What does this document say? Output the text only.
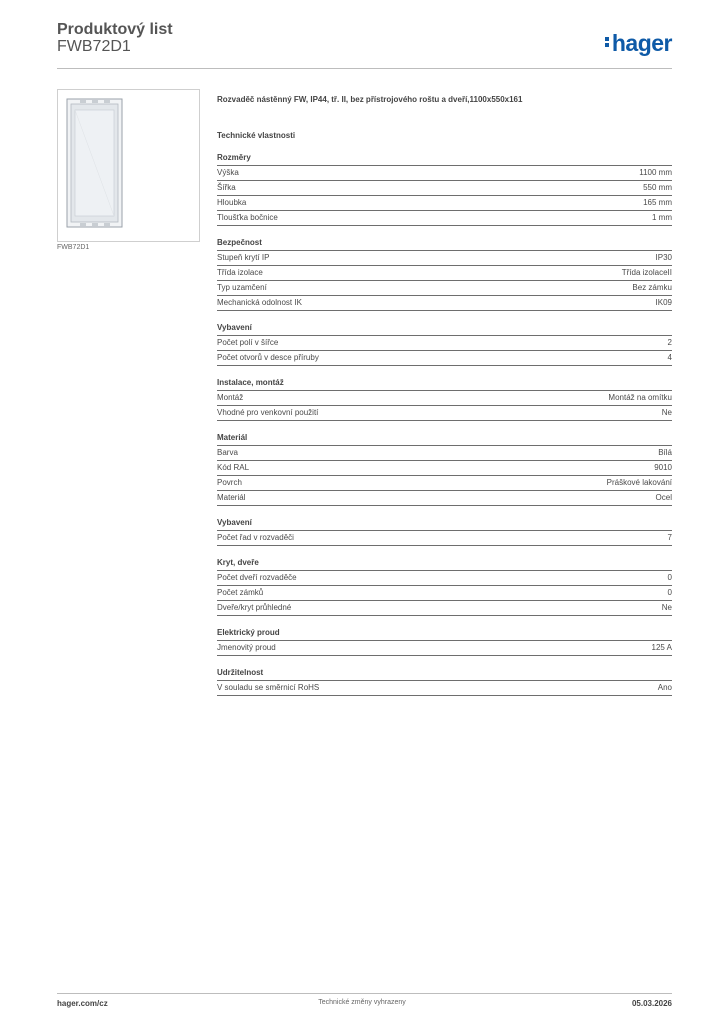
Produktový list
FWB72D1	hager
FWB72D1

Rozvaděč nástěnný FW, IP44, tř. II, bez přístrojového roštu a dveří,1100x550x161

Technické vlastnosti
Rozměry
Výška	1100 mm
Šířka	550 mm
Hloubka	165 mm
Tloušťka bočnice	1 mm
Bezpečnost
Stupeň krytí IP	IP30
Třída izolace	Třída izolaceII
Typ uzamčení	Bez zámku
Mechanická odolnost IK	IK09
Vybavení
Počet polí v šířce	2
Počet otvorů v desce příruby	4
Instalace, montáž
Montáž	Montáž na omítku
Vhodné pro venkovní použití	Ne
Materiál
Barva	Bílá
Kód RAL	9010
Povrch	Práškové lakování
Materiál	Ocel
Vybavení
Počet řad v rozvaděči	7
Kryt, dveře
Počet dveří rozvaděče	0
Počet zámků	0
Dveře/kryt průhledné	Ne
Elektrický proud
Jmenovitý proud	125 A
Udržitelnost
V souladu se směrnicí RoHS	Ano
hager.com/cz	Technické změny vyhrazeny	05.03.2026
